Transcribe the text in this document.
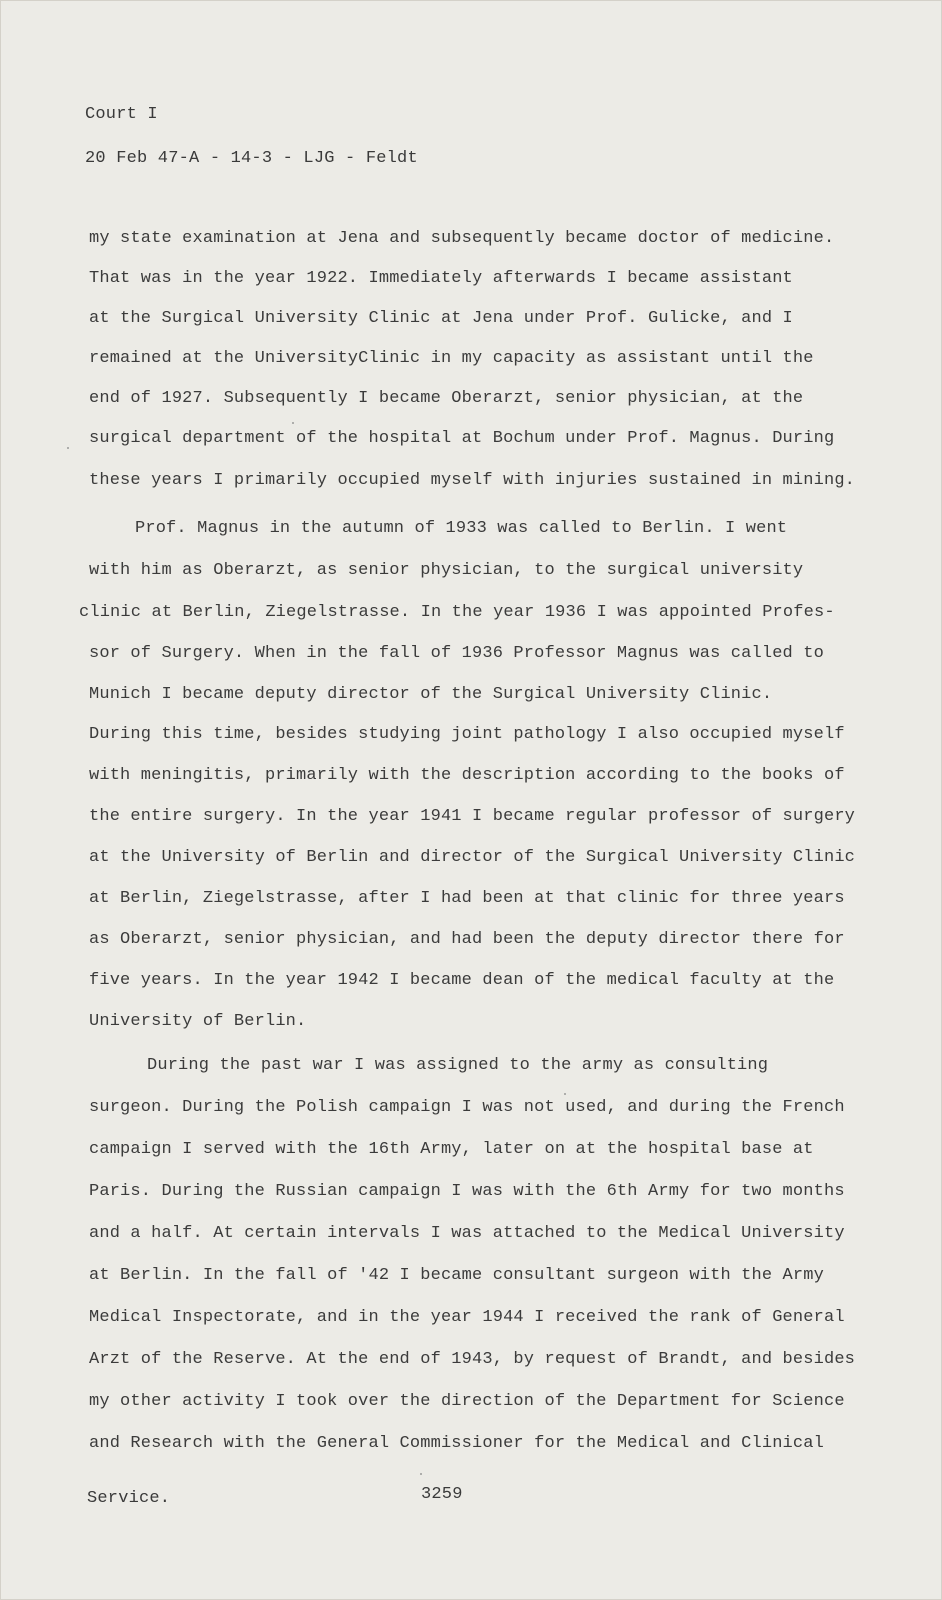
Court I
20 Feb 47-A - 14-3 - LJG - Feldt
my state examination at Jena and subsequently became doctor of medicine.
That was in the year 1922. Immediately afterwards I became assistant
at the Surgical University Clinic at Jena under Prof. Gulicke, and I
remained at the UniversityClinic in my capacity as assistant until the
end of 1927. Subsequently I became Oberarzt, senior physician, at the
surgical department of the hospital at Bochum under Prof. Magnus. During
these years I primarily occupied myself with injuries sustained in mining.
Prof. Magnus in the autumn of 1933 was called to Berlin. I went
with him as Oberarzt, as senior physician, to the surgical university
clinic at Berlin, Ziegelstrasse. In the year 1936 I was appointed Profes-
sor of Surgery. When in the fall of 1936 Professor Magnus was called to
Munich I became deputy director of the Surgical University Clinic.
During this time, besides studying joint pathology I also occupied myself
with meningitis, primarily with the description according to the books of
the entire surgery. In the year 1941 I became regular professor of surgery
at the University of Berlin and director of the Surgical University Clinic
at Berlin, Ziegelstrasse, after I had been at that clinic for three years
as Oberarzt, senior physician, and had been the deputy director there for
five years. In the year 1942 I became dean of the medical faculty at the
University of Berlin.
During the past war I was assigned to the army as consulting
surgeon. During the Polish campaign I was not used, and during the French
campaign I served with the 16th Army, later on at the hospital base at
Paris. During the Russian campaign I was with the 6th Army for two months
and a half. At certain intervals I was attached to the Medical University
at Berlin. In the fall of '42 I became consultant surgeon with the Army
Medical Inspectorate, and in the year 1944 I received the rank of General
Arzt of the Reserve. At the end of 1943, by request of Brandt, and besides
my other activity I took over the direction of the Department for Science
and Research with the General Commissioner for the Medical and Clinical
Service.	3259
